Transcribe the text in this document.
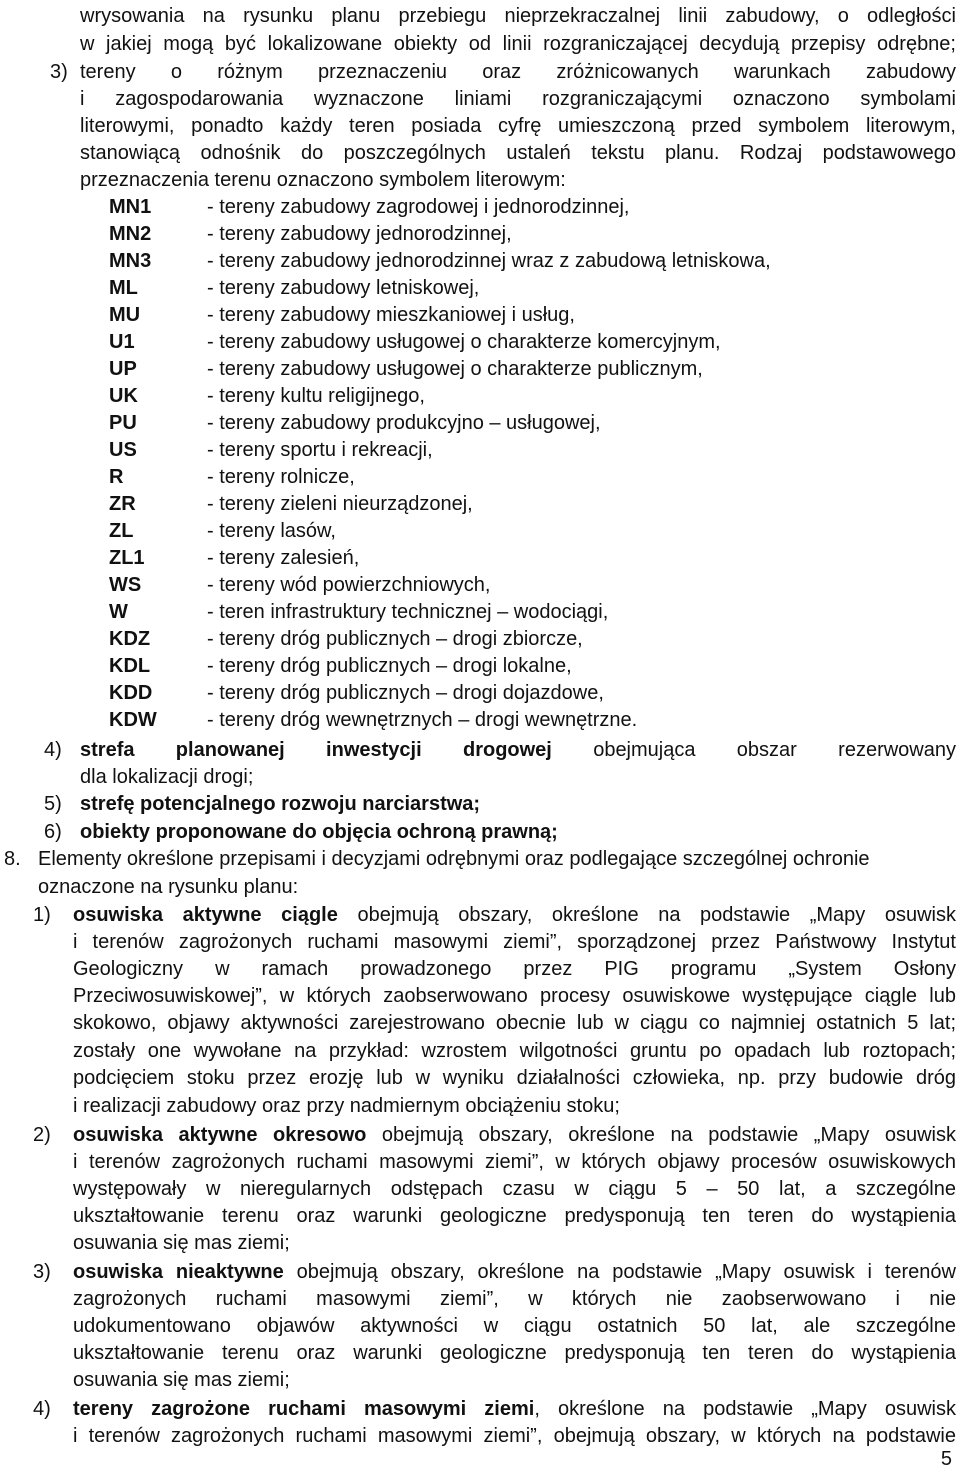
wrysowania na rysunku planu przebiegu nieprzekraczalnej linii zabudowy, o odległości
w jakiej mogą być lokalizowane obiekty od linii rozgraniczającej decydują przepisy odrębne;
3) tereny o różnym przeznaczeniu oraz zróżnicowanych warunkach zabudowy
i zagospodarowania wyznaczone liniami rozgraniczającymi oznaczono symbolami
literowymi, ponadto każdy teren posiada cyfrę umieszczoną przed symbolem literowym,
stanowiącą odnośnik do poszczególnych ustaleń tekstu planu. Rodzaj podstawowego
przeznaczenia terenu oznaczono symbolem literowym:
MN1	- tereny zabudowy zagrodowej i jednorodzinnej,
MN2	- tereny zabudowy jednorodzinnej,
MN3	- tereny zabudowy jednorodzinnej wraz z zabudową letniskowa,
ML	- tereny zabudowy letniskowej,
MU	- tereny zabudowy mieszkaniowej i usług,
U1	- tereny zabudowy usługowej o charakterze komercyjnym,
UP	- tereny zabudowy usługowej o charakterze publicznym,
UK	- tereny kultu religijnego,
PU	- tereny zabudowy produkcyjno – usługowej,
US	- tereny sportu i rekreacji,
R	- tereny rolnicze,
ZR	- tereny zieleni nieurządzonej,
ZL	- tereny lasów,
ZL1	- tereny zalesień,
WS	- tereny wód powierzchniowych,
W	- teren infrastruktury technicznej – wodociągi,
KDZ	- tereny dróg publicznych – drogi zbiorcze,
KDL	- tereny dróg publicznych – drogi lokalne,
KDD	- tereny dróg publicznych – drogi dojazdowe,
KDW	- tereny dróg wewnętrznych – drogi wewnętrzne.
4) strefa planowanej inwestycji drogowej obejmująca obszar rezerwowany
dla lokalizacji drogi;
5) strefę potencjalnego rozwoju narciarstwa;
6) obiekty proponowane do objęcia ochroną prawną;
8. Elementy określone przepisami i decyzjami odrębnymi oraz podlegające szczególnej ochronie
oznaczone na rysunku planu:
1) osuwiska aktywne ciągle obejmują obszary, określone na podstawie „Mapy osuwisk
i terenów zagrożonych ruchami masowymi ziemi”, sporządzonej przez Państwowy Instytut
Geologiczny w ramach prowadzonego przez PIG programu „System Osłony
Przeciwosuwiskowej”, w których zaobserwowano procesy osuwiskowe występujące ciągle lub
skokowo, objawy aktywności zarejestrowano obecnie lub w ciągu co najmniej ostatnich 5 lat;
zostały one wywołane na przykład: wzrostem wilgotności gruntu po opadach lub roztopach;
podcięciem stoku przez erozję lub w wyniku działalności człowieka, np. przy budowie dróg
i realizacji zabudowy oraz przy nadmiernym obciążeniu stoku;
2) osuwiska aktywne okresowo obejmują obszary, określone na podstawie „Mapy osuwisk
i terenów zagrożonych ruchami masowymi ziemi”, w których objawy procesów osuwiskowych
występowały w nieregularnych odstępach czasu w ciągu 5 – 50 lat, a szczególne
ukształtowanie terenu oraz warunki geologiczne predysponują ten teren do wystąpienia
osuwania się mas ziemi;
3) osuwiska nieaktywne obejmują obszary, określone na podstawie „Mapy osuwisk i terenów
zagrożonych ruchami masowymi ziemi”, w których nie zaobserwowano i nie
udokumentowano objawów aktywności w ciągu ostatnich 50 lat, ale szczególne
ukształtowanie terenu oraz warunki geologiczne predysponują ten teren do wystąpienia
osuwania się mas ziemi;
4) tereny zagrożone ruchami masowymi ziemi, określone na podstawie „Mapy osuwisk
i terenów zagrożonych ruchami masowymi ziemi”, obejmują obszary, w których na podstawie
5
